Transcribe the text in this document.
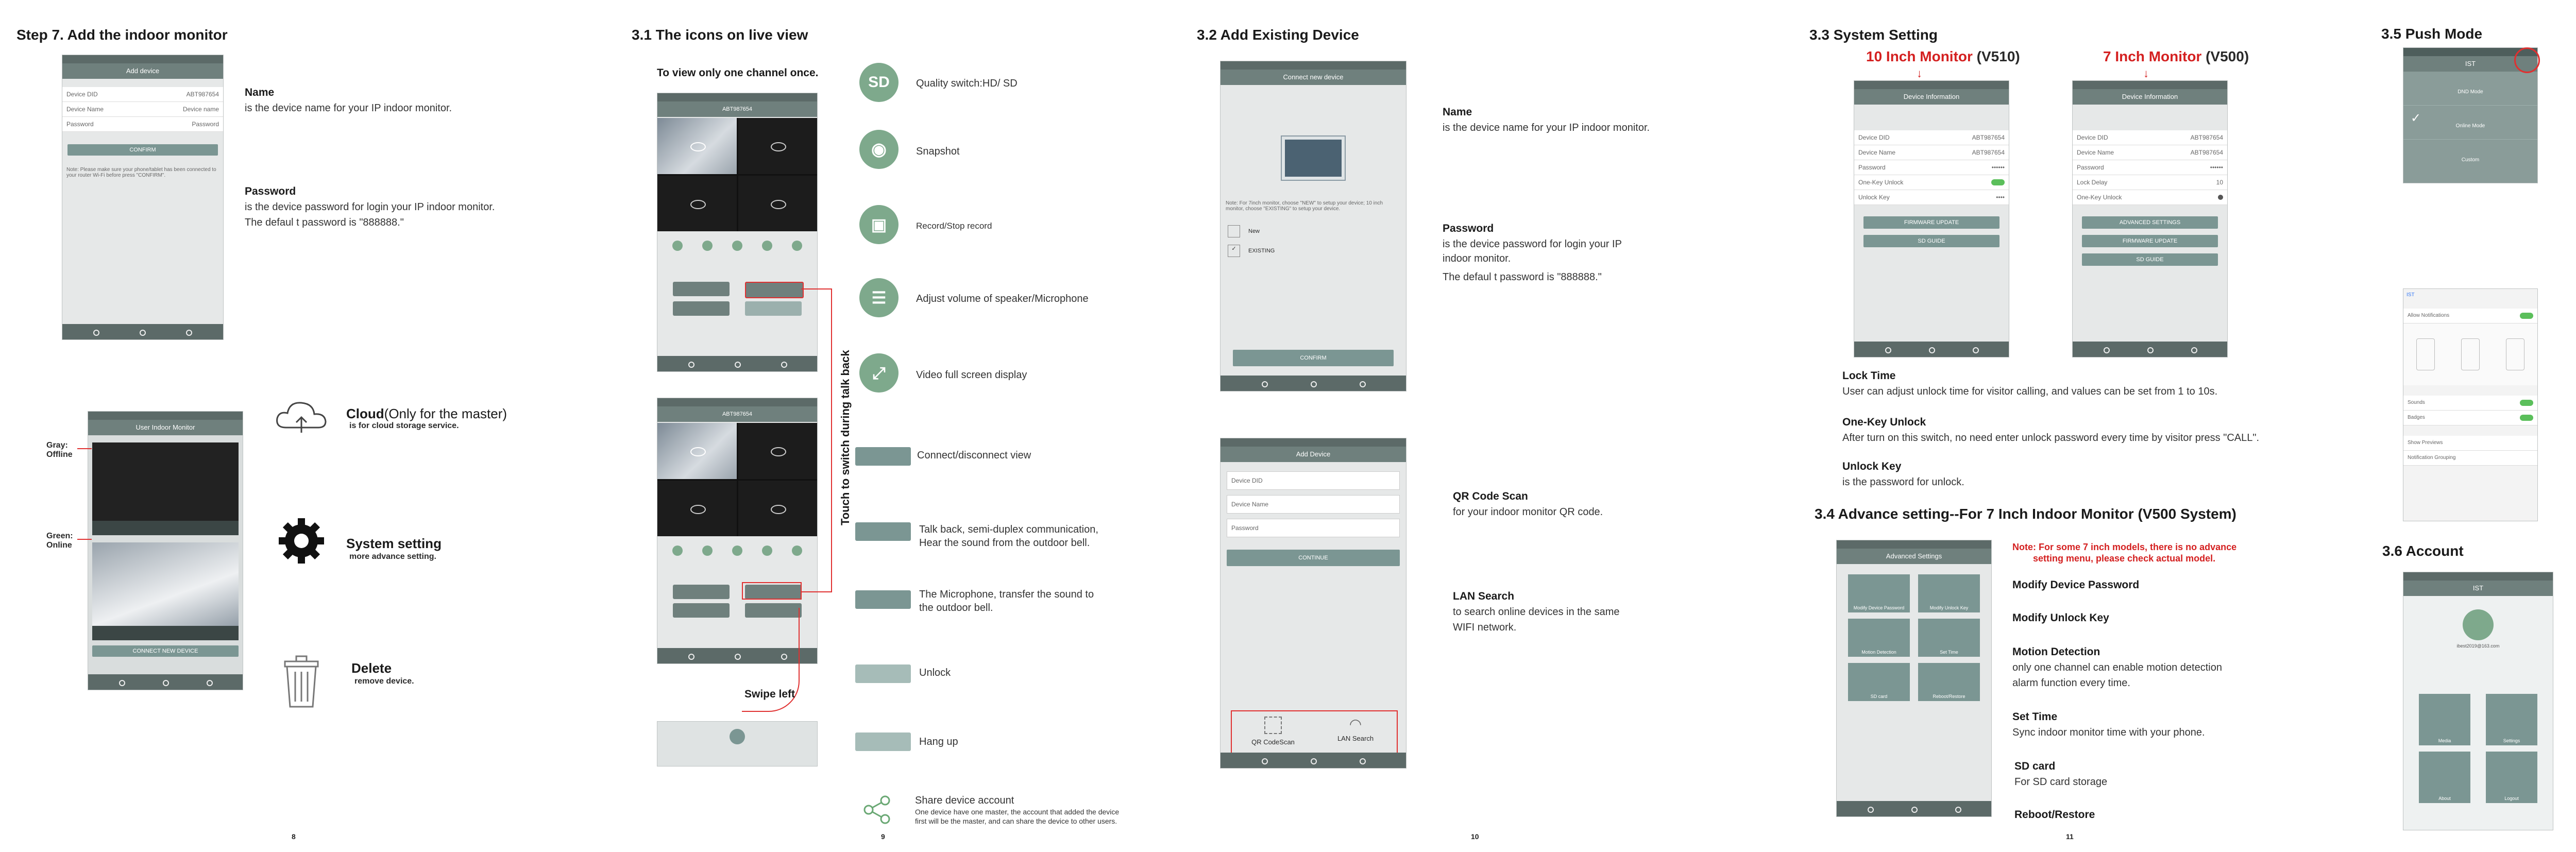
Step 7. Add the indoor monitor
Add device
Device DID	ABT987654
Device Name	Device name
Password	Password
CONFIRM
Note: Please make sure your phone/tablet has been connected to your router Wi-Fi before press "CONFIRM".
Name
is the device name for your IP indoor monitor.
Password
is the device password for login your IP indoor monitor.
The defaul t password is "888888."
User Indoor Monitor
CONNECT NEW DEVICE
Gray:
Offline
Green:
Online
Cloud(Only for the master)
is for cloud storage service.
System setting
more advance setting.
Delete
remove device.
8
3.1 The icons on live view
To view only one channel once.
ABT987654
ABT987654	Touch to switch during talk back
Swipe left
SD	Quality switch:HD/ SD
◉	Snapshot
▣	Record/Stop record
☰	Adjust volume of speaker/Microphone
⤢	Video full screen display
Connect/disconnect view
Talk back, semi-duplex communication,
Hear the sound from the outdoor bell.
The Microphone, transfer the sound to
the outdoor bell.
Unlock
Hang up
Share device account
One device have one master, the account that added the device
first will be the master, and can share the device to other users.
9
3.2 Add Existing Device
Connect new device
Note: For 7inch monitor, choose "NEW" to setup your device; 10 inch monitor, choose "EXISTING" to setup your device.
New
✓	EXISTING
CONFIRM
Add Device
Device DID
Device Name
Password
CONTINUE
QR CodeScan
◠
LAN Search
Name
is the device name for your IP indoor monitor.
Password
is the device password for login your IP
indoor monitor.
The defaul t password is "888888."
QR Code Scan
for your indoor monitor QR code.
LAN Search
to search online devices in the same
WIFI network.
10
3.3 System Setting
10 Inch Monitor (V510)	7 Inch Monitor (V500)
↓	↓
Device Information
Device DID	ABT987654
Device Name	ABT987654
Password	••••••
One-Key Unlock
Unlock Key	••••
FIRMWARE UPDATE
SD GUIDE
Device Information
Device DID	ABT987654
Device Name	ABT987654
Password	••••••
Lock Delay	10
One-Key Unlock
ADVANCED SETTINGS
FIRMWARE UPDATE
SD GUIDE
Lock Time
User can adjust unlock time for visitor calling, and values can be set from 1 to 10s.
One-Key Unlock
After turn on this switch, no need enter unlock password every time by visitor press "CALL".
Unlock Key
is the password for unlock.
3.4 Advance setting--For 7 Inch Indoor Monitor (V500 System)
Advanced Settings
Modify Device Password	Modify Unlock Key
Motion Detection	Set Time
SD card	Reboot/Restore
Note: For some 7 inch models, there is no advance
setting menu, please check actual model.
Modify Device Password
Modify Unlock Key
Motion Detection
only one channel can enable motion detection
alarm function every time.
Set Time
Sync indoor monitor time with your phone.
SD card
For SD card storage
Reboot/Restore
11
3.5 Push Mode
IST
DND Mode
✓
Online Mode
Custom
IST
Allow Notifications
Sounds
Badges
Show Previews
Notification Grouping
3.6 Account
IST
ibest2019@163.com
Media	Settings
About	Logout
